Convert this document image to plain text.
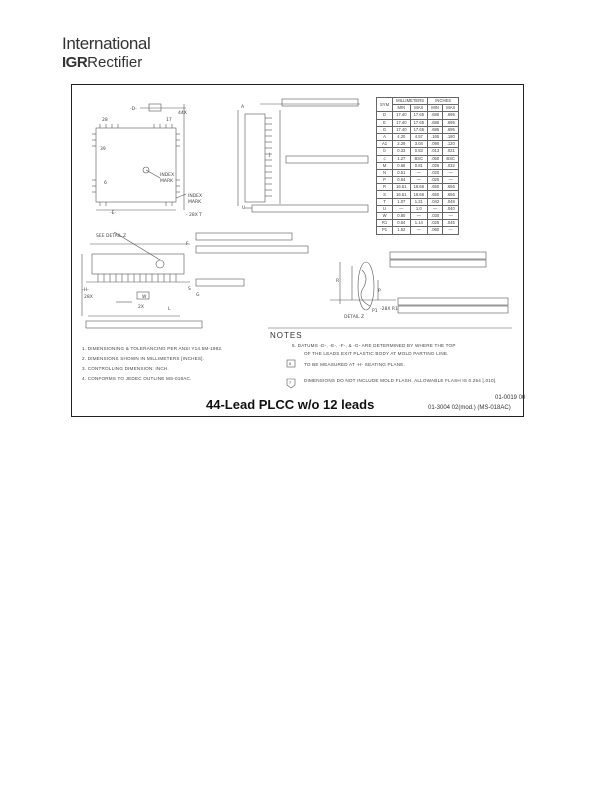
International
IGRRectifier
-D-
44X
39
28	17
6
INDEX
MARK
INDEX
MARK
- 28X T
-E-
A
U
J
SEE DETAIL Z
F
-H-
28X	W
2X	L
S
G
R
P
P1 -28X R1
DETAIL Z
SYM	MILLIMETERS		INCHES	
	MIN	MAX	MIN	MAX
D	17.40	17.65	.685	.695
E	17.40	17.65	.685	.695
G	17.40	17.65	.685	.695
A	4.20	4.57	.165	.180
A1	2.29	3.04	.090	.120
b	0.33	0.53	.013	.021
c	1.27	BSC	.050	BSC
M	0.66	0.81	.026	.032
N	0.51	—	.020	—
P	0.64	—	.025	—
R	16.51	16.66	.650	.656
S	16.51	16.66	.650	.656
T	1.07	1.21	.042	.048
U	—	1.0	—	.040
W	0.80	—	.030	—
R1	0.64	1.14	.025	.045
P1	1.52	—	.060	—
NOTES
1. DIMENSIONING & TOLERANCING PER ANSI Y14.5M-1982.
2. DIMENSIONS SHOWN IN MILLIMETERS [INCHES].
3. CONTROLLING DIMENSION: INCH.
4. CONFORMS TO JEDEC OUTLINE MS-018AC.
5. DATUMS -D-, -E-, -F-, & -G- ARE DETERMINED BY WHERE THE TOP
OF THE LEADS EXIT PLASTIC BODY AT MOLD PARTING LINE.
6	TO BE MEASURED AT -H- SEATING PLANE.
7	DIMENSIONS DO NOT INCLUDE MOLD FLASH. ALLOWABLE FLASH IS 0.254 [.010].
44-Lead PLCC w/o 12 leads	01-0019 00
01-3004 02(mod.) (MS-018AC)
